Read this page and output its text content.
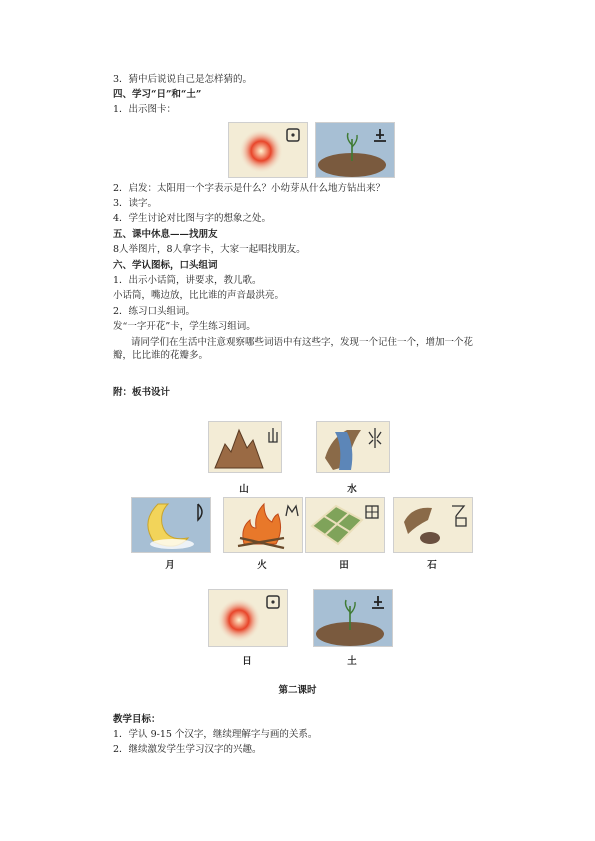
3．猜中后说说自己是怎样猜的。
四、学习“日”和“土”
1．出示图卡：
2．启发：太阳用一个字表示是什么？小幼芽从什么地方钻出来？
3．读字。
4．学生讨论对比图与字的想象之处。
五、课中休息——找朋友
8人举图片，8人拿字卡，大家一起唱找朋友。
六、学认图标，口头组词
1．出示小话筒，讲要求，教儿歌。
小话筒，嘴边放，比比谁的声音最洪亮。
2．练习口头组词。
发“一字开花”卡，学生练习组词。
请同学们在生活中注意观察哪些词语中有这些字，发现一个记住一个，增加一个花瓣，比比谁的花瓣多。
附：板书设计
山	水
月	火	田	石
日	土
第二课时
教学目标：
1．学认 9-15 个汉字，继续理解字与画的关系。
2．继续激发学生学习汉字的兴趣。
